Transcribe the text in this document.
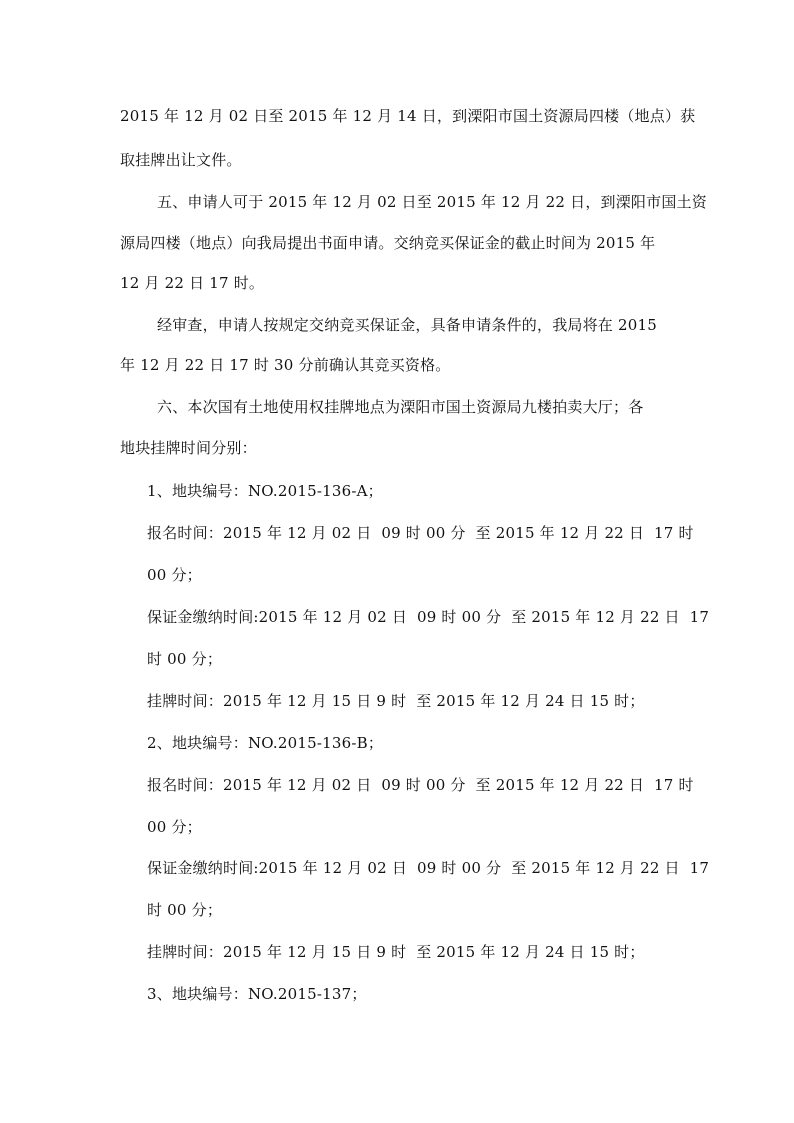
2015 年 12 月 02 日至 2015 年 12 月 14 日，到溧阳市国土资源局四楼（地点）获
取挂牌出让文件。
五、申请人可于 2015 年 12 月 02 日至 2015 年 12 月 22 日，到溧阳市国土资
源局四楼（地点）向我局提出书面申请。交纳竞买保证金的截止时间为 2015 年
12 月 22 日 17 时。
经审查，申请人按规定交纳竞买保证金，具备申请条件的，我局将在 2015
年 12 月 22 日 17 时 30 分前确认其竞买资格。
六、本次国有土地使用权挂牌地点为溧阳市国土资源局九楼拍卖大厅；各
地块挂牌时间分别：
1、地块编号：NO.2015-136-A；
报名时间：2015 年 12 月 02 日  09 时 00 分  至 2015 年 12 月 22 日  17 时
00 分；
保证金缴纳时间:2015 年 12 月 02 日  09 时 00 分  至 2015 年 12 月 22 日  17
时 00 分；
挂牌时间：2015 年 12 月 15 日 9 时  至 2015 年 12 月 24 日 15 时；
2、地块编号：NO.2015-136-B；
报名时间：2015 年 12 月 02 日  09 时 00 分  至 2015 年 12 月 22 日  17 时
00 分；
保证金缴纳时间:2015 年 12 月 02 日  09 时 00 分  至 2015 年 12 月 22 日  17
时 00 分；
挂牌时间：2015 年 12 月 15 日 9 时  至 2015 年 12 月 24 日 15 时；
3、地块编号：NO.2015-137；
